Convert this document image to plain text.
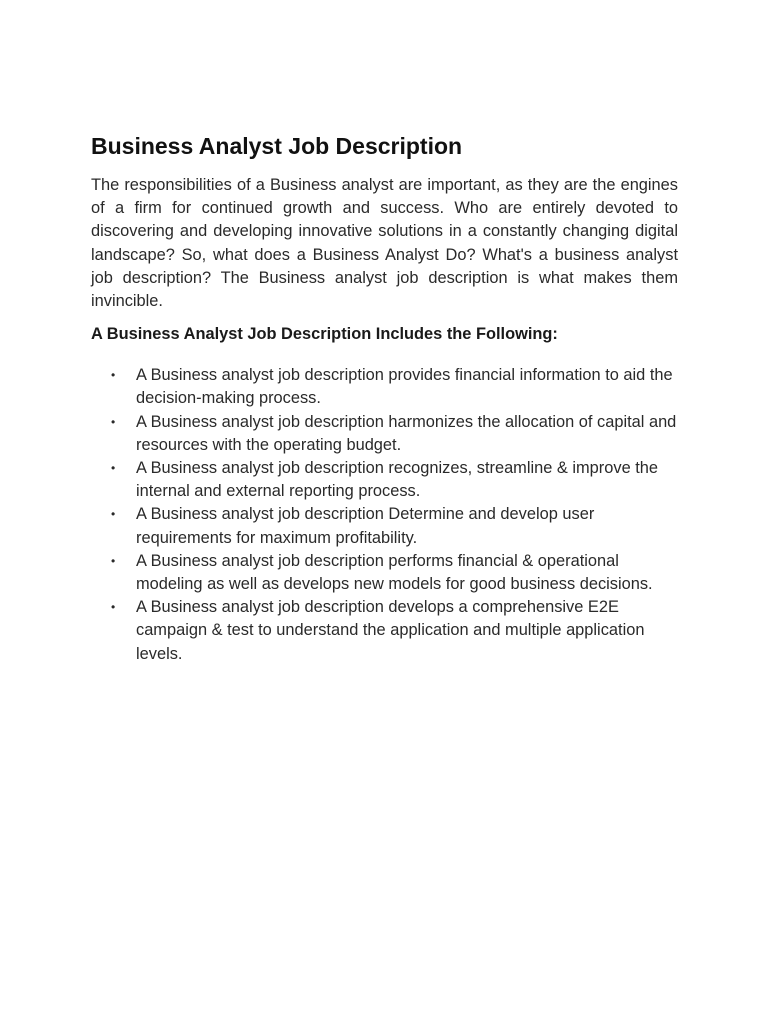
Business Analyst Job Description

The responsibilities of a Business analyst are important, as they are the engines of a firm for continued growth and success. Who are entirely devoted to discovering and developing innovative solutions in a constantly changing digital landscape? So, what does a Business Analyst Do? What's a business analyst job description? The Business analyst job description is what makes them invincible.

A Business Analyst Job Description Includes the Following:

• A Business analyst job description provides financial information to aid the decision-making process.
• A Business analyst job description harmonizes the allocation of capital and resources with the operating budget.
• A Business analyst job description recognizes, streamline & improve the internal and external reporting process.
• A Business analyst job description Determine and develop user requirements for maximum profitability.
• A Business analyst job description performs financial & operational modeling as well as develops new models for good business decisions.
• A Business analyst job description develops a comprehensive E2E campaign & test to understand the application and multiple application levels.
